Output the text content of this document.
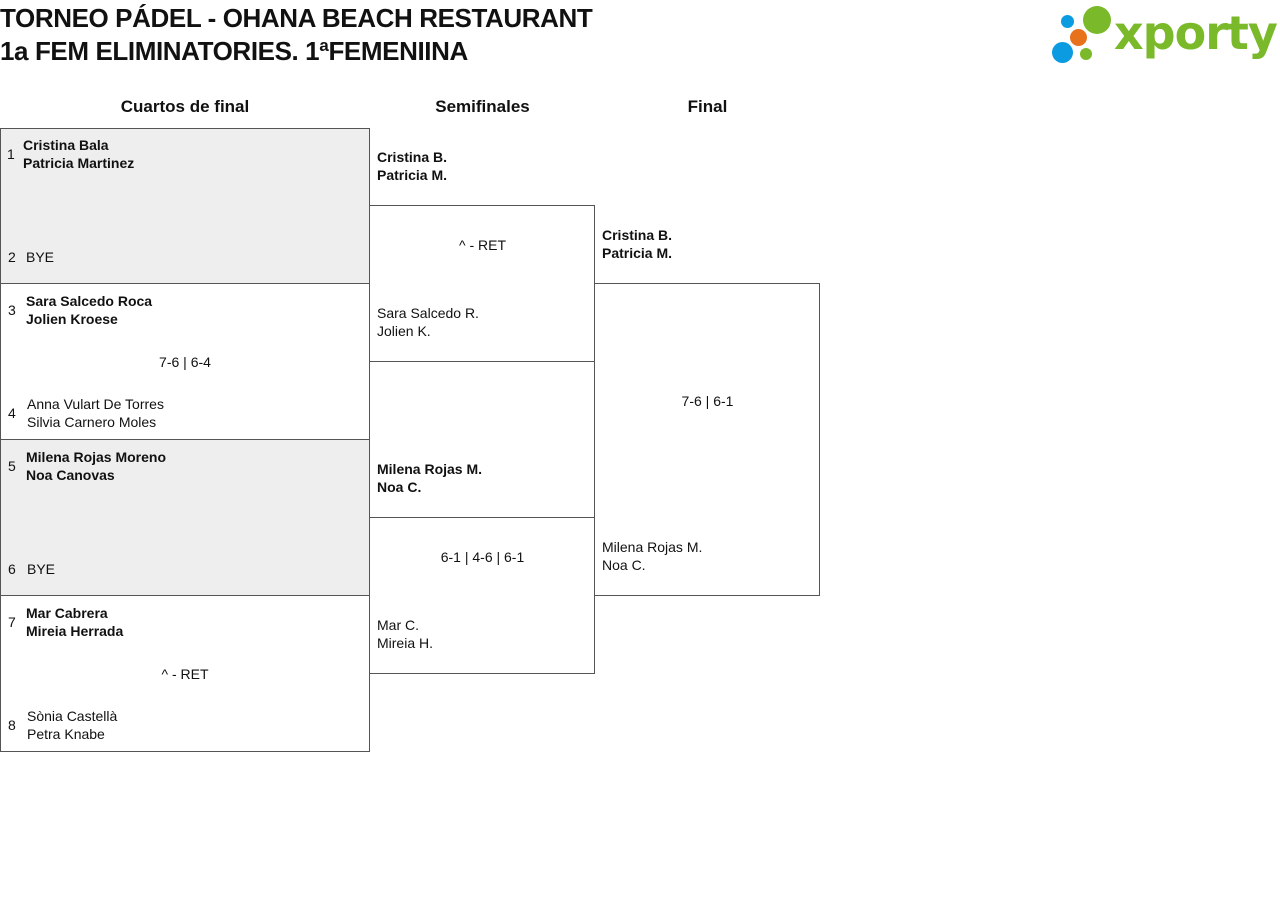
TORNEO PÁDEL - OHANA BEACH RESTAURANT
1a FEM ELIMINATORIES. 1ªFEMENIINA	xporty
Cuartos de final	Semifinales	Final
1
Cristina Bala
Patricia Martinez
2 BYE
3
Sara Salcedo Roca
Jolien Kroese
7-6 | 6-4
4
Anna Vulart De Torres
Silvia Carnero Moles
5
Milena Rojas Moreno
Noa Canovas
6 BYE
7
Mar Cabrera
Mireia Herrada
^ - RET
8
Sònia Castellà
Petra Knabe
Cristina B.
Patricia M.
^ - RET
Sara Salcedo R.
Jolien K.
Milena Rojas M.
Noa C.
6-1 | 4-6 | 6-1
Mar C.
Mireia H.
Cristina B.
Patricia M.
7-6 | 6-1
Milena Rojas M.
Noa C.
